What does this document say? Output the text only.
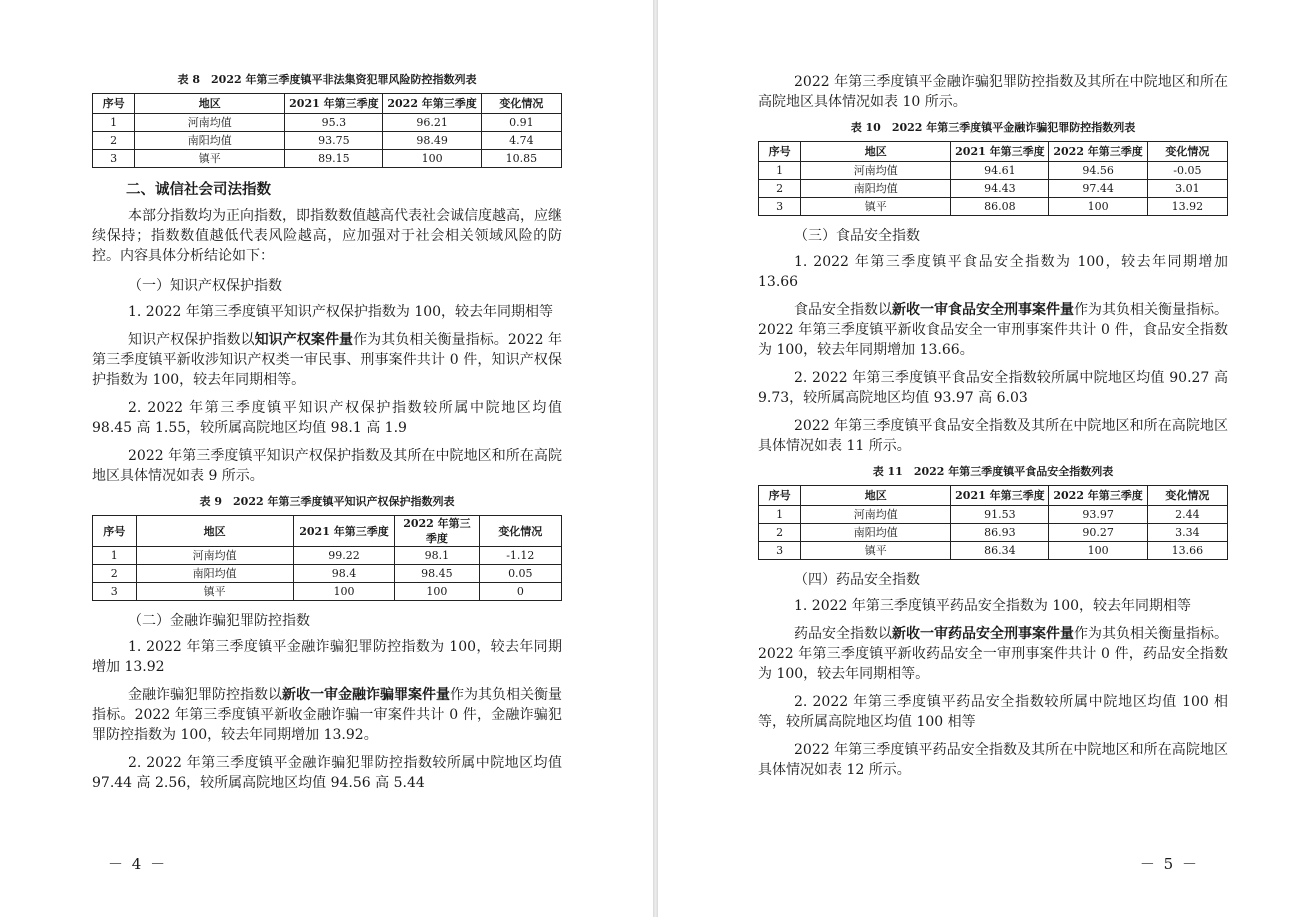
表 8　2022 年第三季度镇平非法集资犯罪风险防控指数列表
序号	地区	2021 年第三季度	2022 年第三季度	变化情况
1	河南均值	95.3	96.21	0.91
2	南阳均值	93.75	98.49	4.74
3	镇平	89.15	100	10.85
二、诚信社会司法指数

本部分指数均为正向指数，即指数数值越高代表社会诚信度越高，应继续保持；指数数值越低代表风险越高，应加强对于社会相关领域风险的防控。内容具体分析结论如下：

（一）知识产权保护指数

1. 2022 年第三季度镇平知识产权保护指数为 100，较去年同期相等

知识产权保护指数以知识产权案件量作为其负相关衡量指标。2022 年第三季度镇平新收涉知识产权类一审民事、刑事案件共计 0 件，知识产权保护指数为 100，较去年同期相等。

2. 2022 年第三季度镇平知识产权保护指数较所属中院地区均值 98.45 高 1.55，较所属高院地区均值 98.1 高 1.9

2022 年第三季度镇平知识产权保护指数及其所在中院地区和所在高院地区具体情况如表 9 所示。

表 9　2022 年第三季度镇平知识产权保护指数列表
序号	地区	2021 年第三季度	2022 年第三季度	变化情况
1	河南均值	99.22	98.1	-1.12
2	南阳均值	98.4	98.45	0.05
3	镇平	100	100	0
（二）金融诈骗犯罪防控指数

1. 2022 年第三季度镇平金融诈骗犯罪防控指数为 100，较去年同期增加 13.92

金融诈骗犯罪防控指数以新收一审金融诈骗罪案件量作为其负相关衡量指标。2022 年第三季度镇平新收金融诈骗一审案件共计 0 件，金融诈骗犯罪防控指数为 100，较去年同期增加 13.92。

2. 2022 年第三季度镇平金融诈骗犯罪防控指数较所属中院地区均值 97.44 高 2.56，较所属高院地区均值 94.56 高 5.44

－ 4 －

2022 年第三季度镇平金融诈骗犯罪防控指数及其所在中院地区和所在高院地区具体情况如表 10 所示。

表 10　2022 年第三季度镇平金融诈骗犯罪防控指数列表
序号	地区	2021 年第三季度	2022 年第三季度	变化情况
1	河南均值	94.61	94.56	-0.05
2	南阳均值	94.43	97.44	3.01
3	镇平	86.08	100	13.92
（三）食品安全指数

1. 2022 年第三季度镇平食品安全指数为 100，较去年同期增加 13.66

食品安全指数以新收一审食品安全刑事案件量作为其负相关衡量指标。2022 年第三季度镇平新收食品安全一审刑事案件共计 0 件，食品安全指数为 100，较去年同期增加 13.66。

2. 2022 年第三季度镇平食品安全指数较所属中院地区均值 90.27 高 9.73，较所属高院地区均值 93.97 高 6.03

2022 年第三季度镇平食品安全指数及其所在中院地区和所在高院地区具体情况如表 11 所示。

表 11　2022 年第三季度镇平食品安全指数列表
序号	地区	2021 年第三季度	2022 年第三季度	变化情况
1	河南均值	91.53	93.97	2.44
2	南阳均值	86.93	90.27	3.34
3	镇平	86.34	100	13.66
（四）药品安全指数

1. 2022 年第三季度镇平药品安全指数为 100，较去年同期相等

药品安全指数以新收一审药品安全刑事案件量作为其负相关衡量指标。2022 年第三季度镇平新收药品安全一审刑事案件共计 0 件，药品安全指数为 100，较去年同期相等。

2. 2022 年第三季度镇平药品安全指数较所属中院地区均值 100 相等，较所属高院地区均值 100 相等

2022 年第三季度镇平药品安全指数及其所在中院地区和所在高院地区具体情况如表 12 所示。

－ 5 －
